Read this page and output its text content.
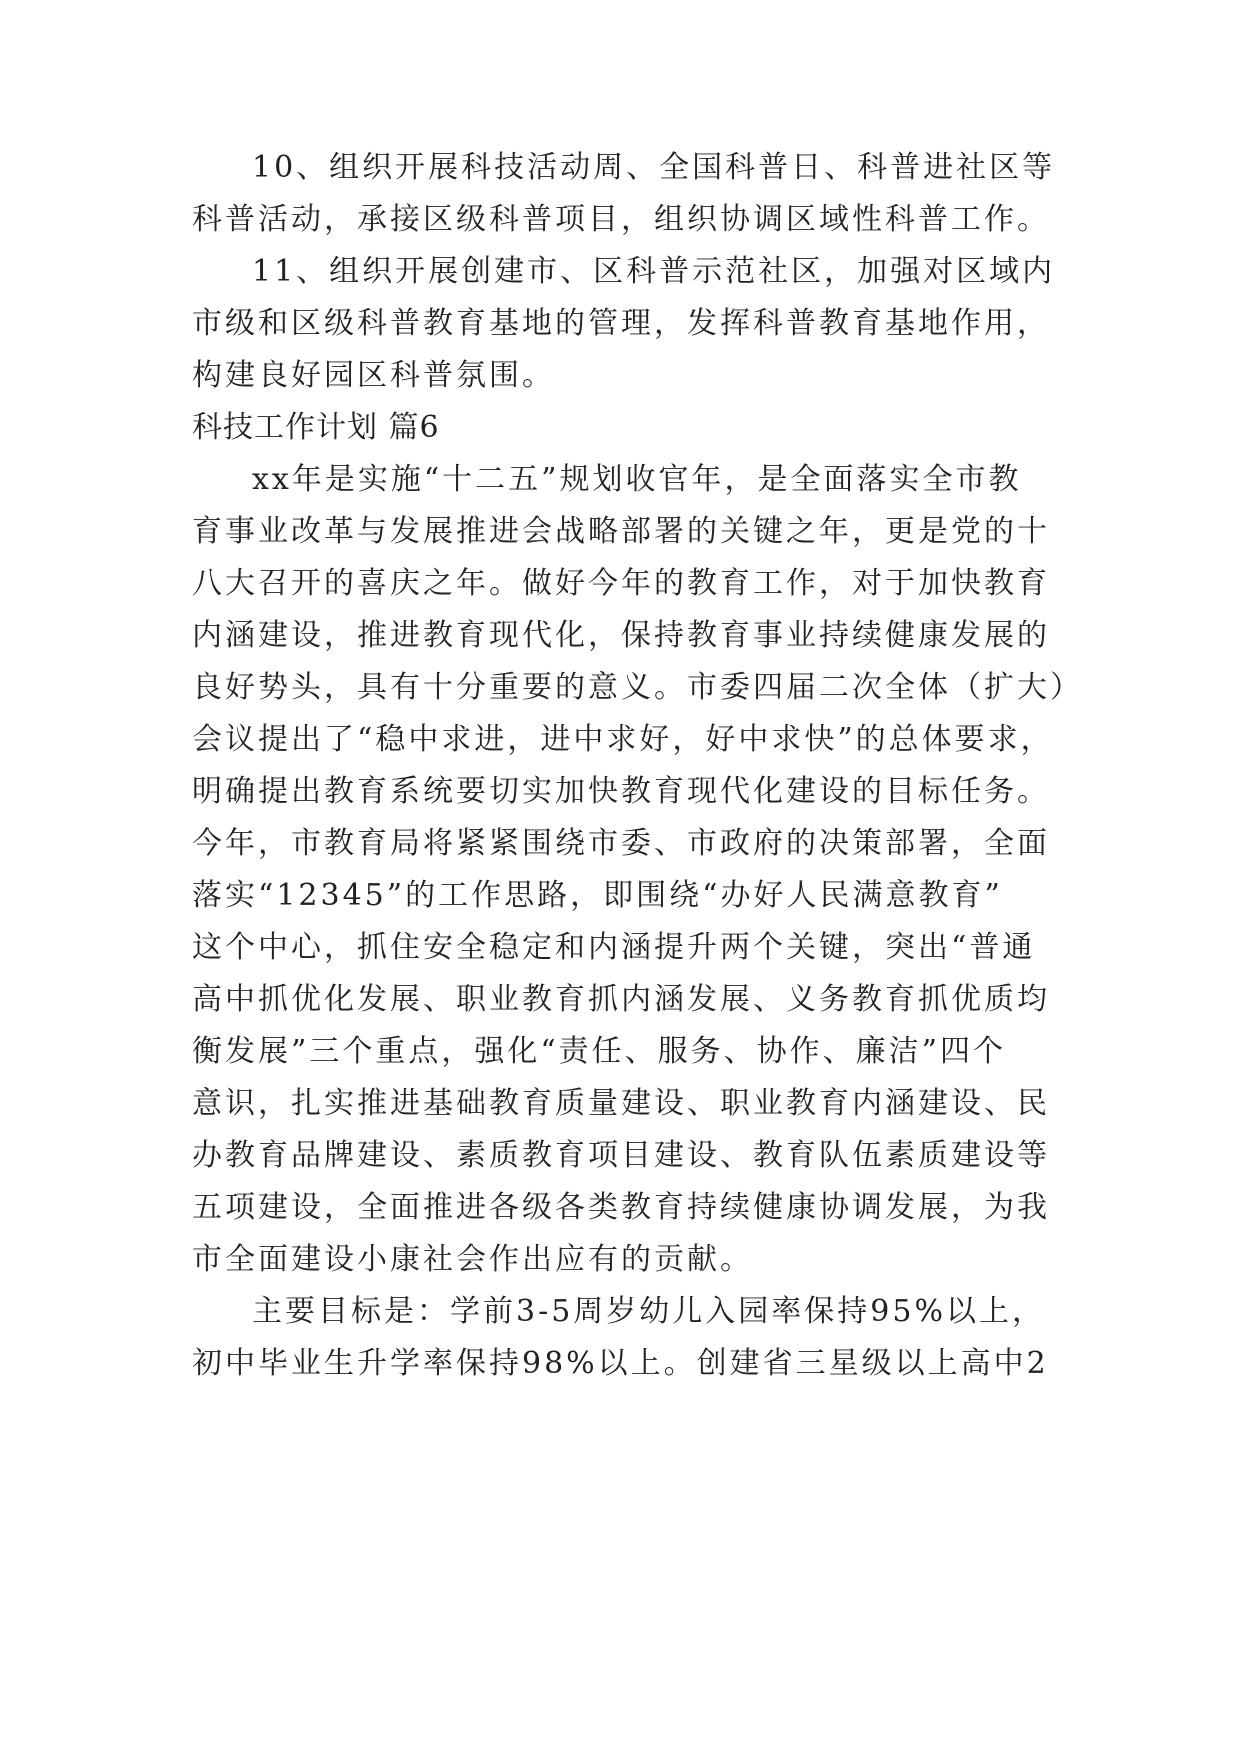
10、组织开展科技活动周、全国科普日、科普进社区等
科普活动，承接区级科普项目，组织协调区域性科普工作。
11、组织开展创建市、区科普示范社区，加强对区域内
市级和区级科普教育基地的管理，发挥科普教育基地作用，
构建良好园区科普氛围。
科技工作计划 篇6
xx年是实施“十二五”规划收官年，是全面落实全市教
育事业改革与发展推进会战略部署的关键之年，更是党的十
八大召开的喜庆之年。做好今年的教育工作，对于加快教育
内涵建设，推进教育现代化，保持教育事业持续健康发展的
良好势头，具有十分重要的意义。市委四届二次全体（扩大）
会议提出了“稳中求进，进中求好，好中求快”的总体要求，
明确提出教育系统要切实加快教育现代化建设的目标任务。
今年，市教育局将紧紧围绕市委、市政府的决策部署，全面
落实“12345”的工作思路，即围绕“办好人民满意教育”
这个中心，抓住安全稳定和内涵提升两个关键，突出“普通
高中抓优化发展、职业教育抓内涵发展、义务教育抓优质均
衡发展”三个重点，强化“责任、服务、协作、廉洁”四个
意识，扎实推进基础教育质量建设、职业教育内涵建设、民
办教育品牌建设、素质教育项目建设、教育队伍素质建设等
五项建设，全面推进各级各类教育持续健康协调发展，为我
市全面建设小康社会作出应有的贡献。
主要目标是：学前3-5周岁幼儿入园率保持95%以上，
初中毕业生升学率保持98%以上。创建省三星级以上高中2
